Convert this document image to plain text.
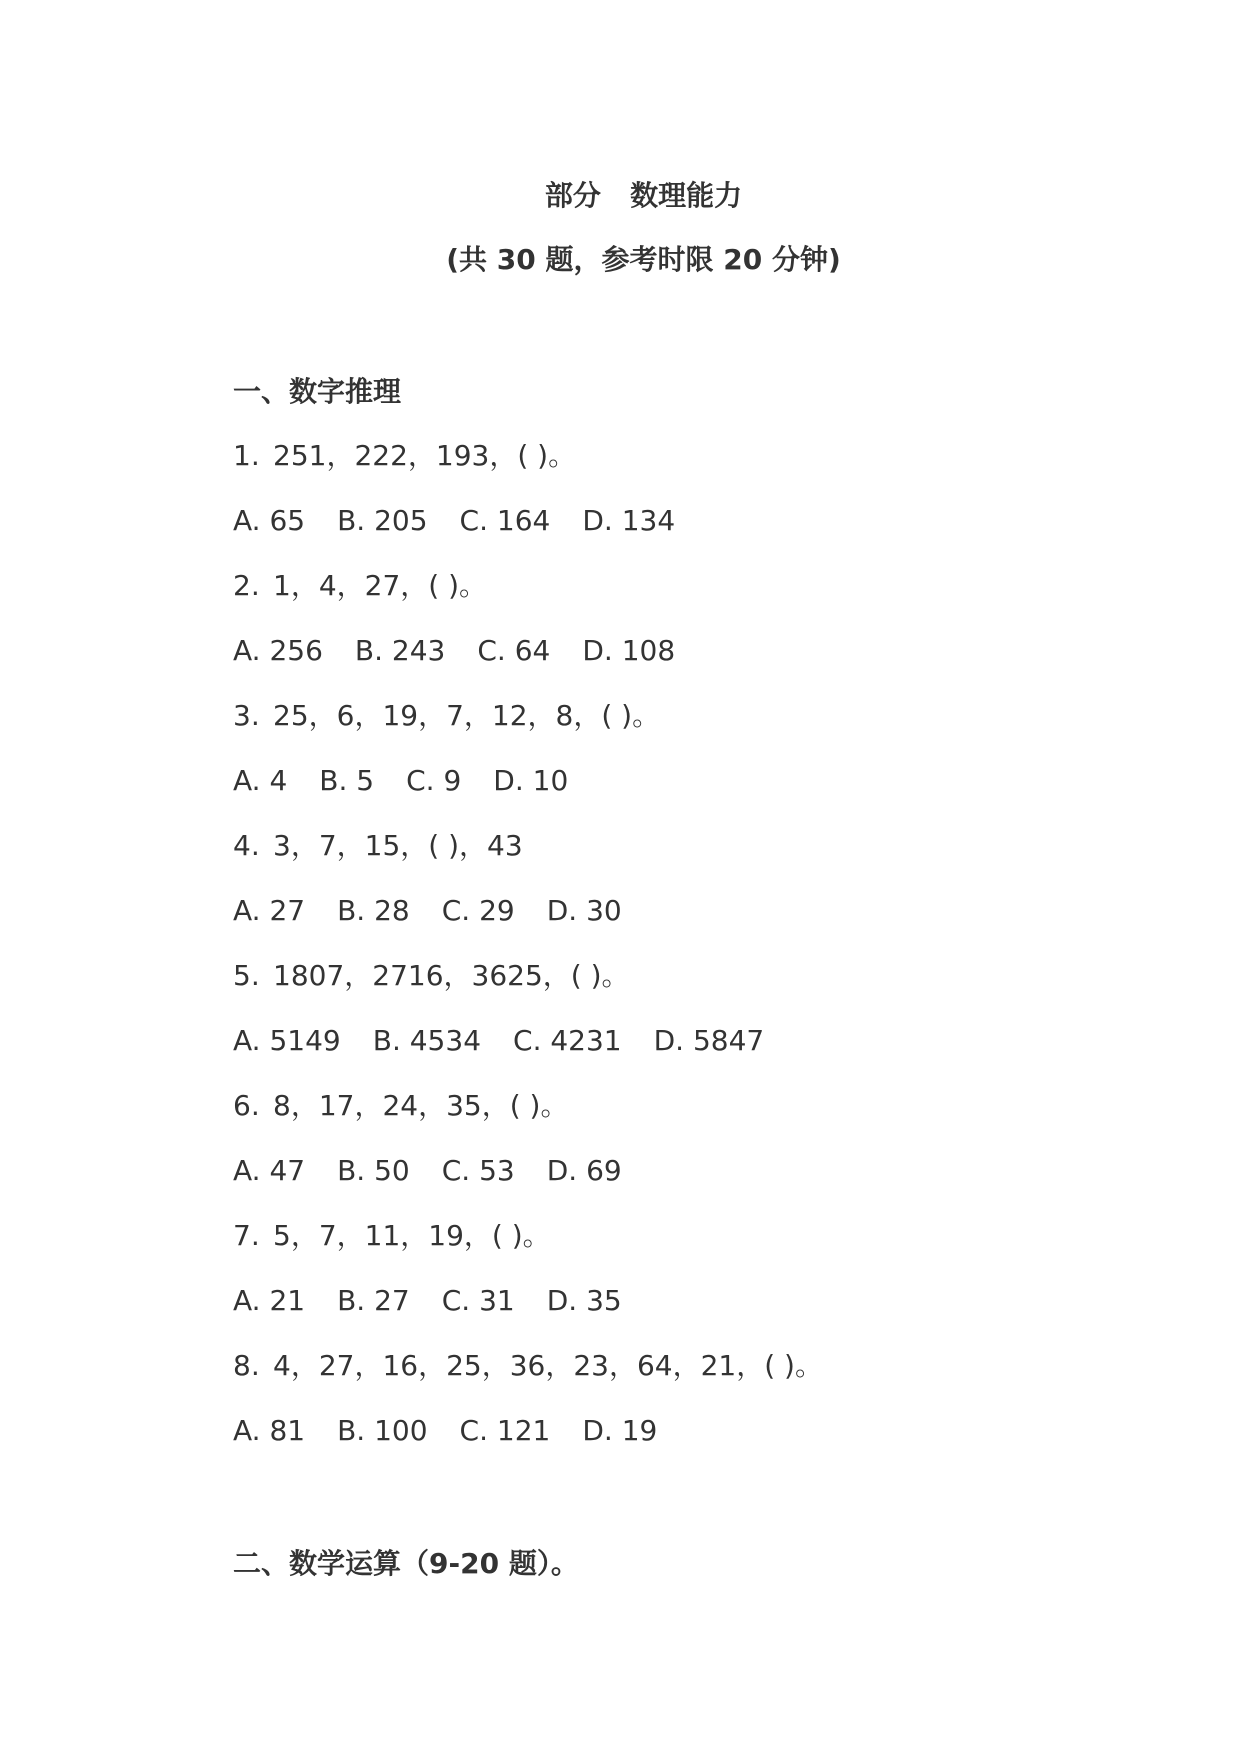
部分   数理能力
(共 30 题，参考时限 20 分钟)
一、数字推理
1. 251，222，193，( )。
A. 65 B. 205 C. 164 D. 134
2. 1，4，27，( )。
A. 256 B. 243 C. 64 D. 108
3. 25，6，19，7，12，8，( )。
A. 4 B. 5 C. 9 D. 10
4. 3，7，15，( )，43
A. 27 B. 28 C. 29 D. 30
5. 1807，2716，3625，( )。
A. 5149 B. 4534 C. 4231 D. 5847
6. 8，17，24，35，( )。
A. 47 B. 50 C. 53 D. 69
7. 5，7，11，19，( )。
A. 21 B. 27 C. 31 D. 35
8. 4，27，16，25，36，23，64，21，( )。
A. 81 B. 100 C. 121 D. 19
二、数学运算（9-20 题）。
